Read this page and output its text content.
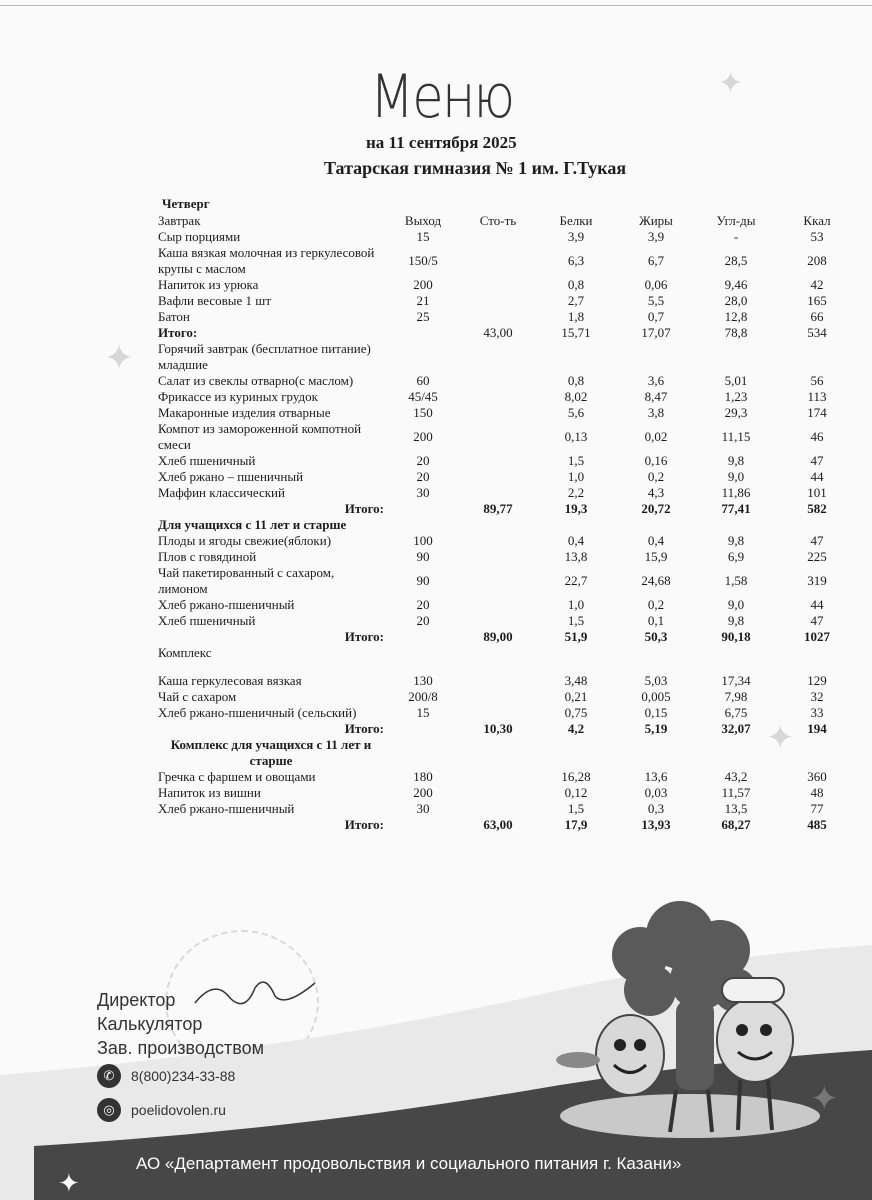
Меню	✦
✦
✦
на 11 сентября 2025
Татарская гимназия № 1 им. Г.Тукая
Четверг
Завтрак	Выход	Сто-ть	Белки	Жиры	Угл-ды	Ккал
Сыр порциями	15		3,9	3,9	-	53
Каша вязкая молочная из геркулесовой крупы с маслом	150/5		6,3	6,7	28,5	208
Напиток из урюка	200		0,8	0,06	9,46	42
Вафли весовые 1 шт	21		2,7	5,5	28,0	165
Батон	25		1,8	0,7	12,8	66
Итого:		43,00	15,71	17,07	78,8	534
Горячий завтрак (бесплатное питание) младшие						
Салат из свеклы отварно(с маслом)	60		0,8	3,6	5,01	56
Фрикассе из куриных грудок	45/45		8,02	8,47	1,23	113
Макаронные изделия отварные	150		5,6	3,8	29,3	174
Компот из замороженной компотной смеси	200		0,13	0,02	11,15	46
Хлеб пшеничный	20		1,5	0,16	9,8	47
Хлеб ржано – пшеничный	20		1,0	0,2	9,0	44
Маффин классический	30		2,2	4,3	11,86	101
Итого:		89,77	19,3	20,72	77,41	582
Для учащихся с 11 лет и старше						
Плоды и ягоды свежие(яблоки)	100		0,4	0,4	9,8	47
Плов с говядиной	90		13,8	15,9	6,9	225
Чай пакетированный с сахаром, лимоном	90		22,7	24,68	1,58	319
Хлеб ржано-пшеничный	20		1,0	0,2	9,0	44
Хлеб пшеничный	20		1,5	0,1	9,8	47
Итого:		89,00	51,9	50,3	90,18	1027
Комплекс						

Каша геркулесовая вязкая	130		3,48	5,03	17,34	129
Чай с сахаром	200/8		0,21	0,005	7,98	32
Хлеб ржано-пшеничный (сельский)	15		0,75	0,15	6,75	33
Итого:		10,30	4,2	5,19	32,07	194
Комплекс для учащихся с 11 лет и старше						
Гречка с фаршем и овощами	180		16,28	13,6	43,2	360
Напиток из вишни	200		0,12	0,03	11,57	48
Хлеб ржано-пшеничный	30		1,5	0,3	13,5	77
Итого:		63,00	17,9	13,93	68,27	485
✦
✦
Директор
Калькулятор
Зав. производством
✆	8(800)234-33-88
◎	poelidovolen.ru
АО «Департамент продовольствия и социального питания г. Казани»
